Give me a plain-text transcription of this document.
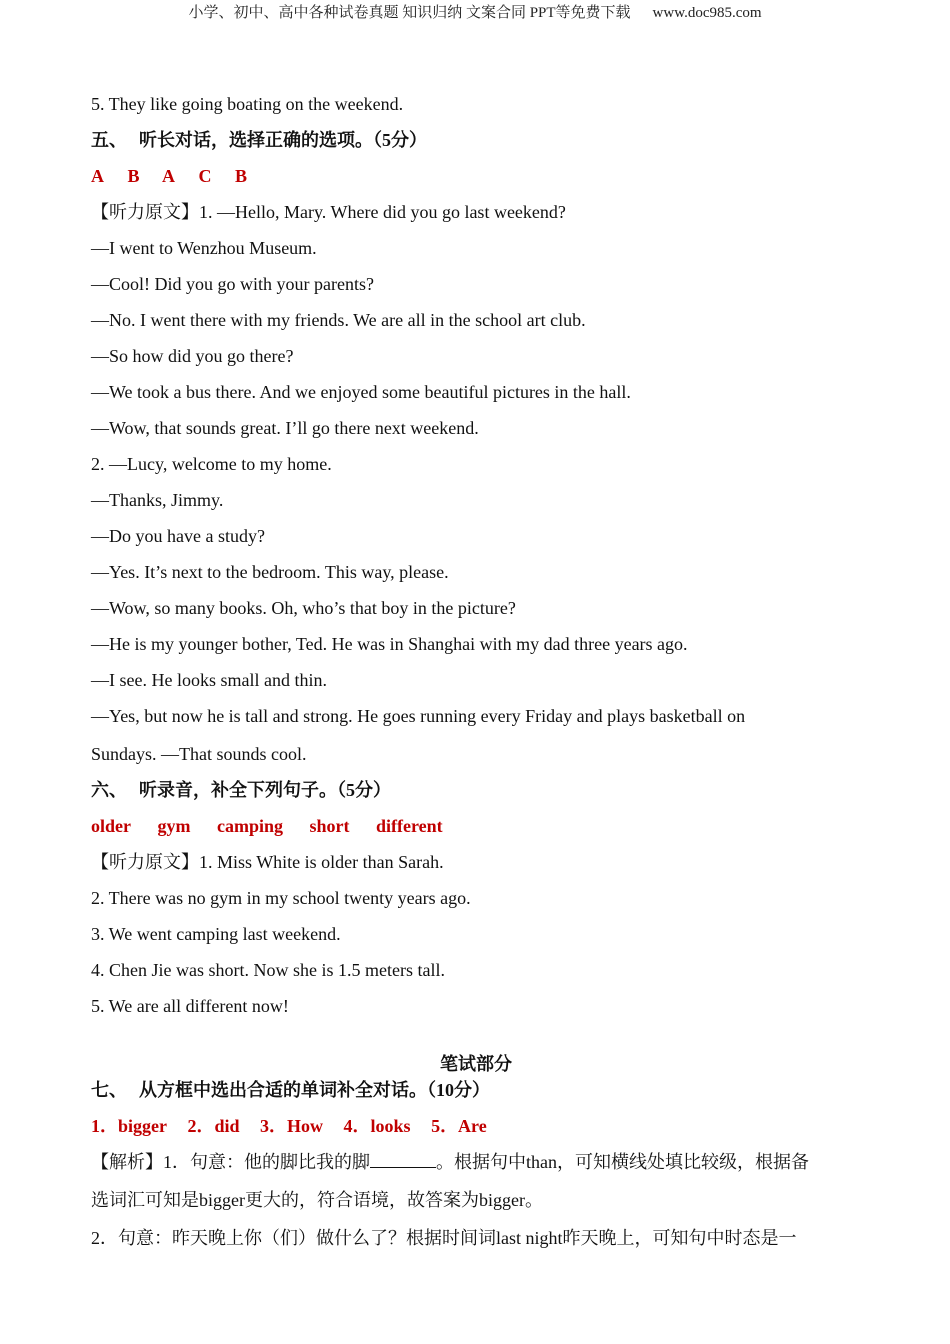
小学、初中、高中各种试卷真题 知识归纳 文案合同 PPT等免费下载 www.doc985.com
5. They like going boating on the weekend.
五、 听长对话，选择正确的选项。（5分）
A B A C B
【听力原文】1. —Hello, Mary. Where did you go last weekend?
—I went to Wenzhou Museum.
—Cool! Did you go with your parents?
—No. I went there with my friends. We are all in the school art club.
—So how did you go there?
—We took a bus there. And we enjoyed some beautiful pictures in the hall.
—Wow, that sounds great. I’ll go there next weekend.
2. —Lucy, welcome to my home.
—Thanks, Jimmy.
—Do you have a study?
—Yes. It’s next to the bedroom. This way, please.
—Wow, so many books. Oh, who’s that boy in the picture?
—He is my younger bother, Ted. He was in Shanghai with my dad three years ago.
—I see. He looks small and thin.
—Yes, but now he is tall and strong. He goes running every Friday and plays basketball on
Sundays. —That sounds cool.
六、 听录音，补全下列句子。（5分）
older gym camping short different
【听力原文】1. Miss White is older than Sarah.
2. There was no gym in my school twenty years ago.
3. We went camping last weekend.
4. Chen Jie was short. Now she is 1.5 meters tall.
5. We are all different now!
笔试部分
七、 从方框中选出合适的单词补全对话。（10分）
1．bigger 2．did 3．How 4．looks 5．Are
【解析】1．句意：他的脚比我的脚	。根据句中than，可知横线处填比较级，根据备
选词汇可知是bigger更大的，符合语境，故答案为bigger。
2．句意：昨天晚上你（们）做什么了？根据时间词last night昨天晚上，可知句中时态是一
